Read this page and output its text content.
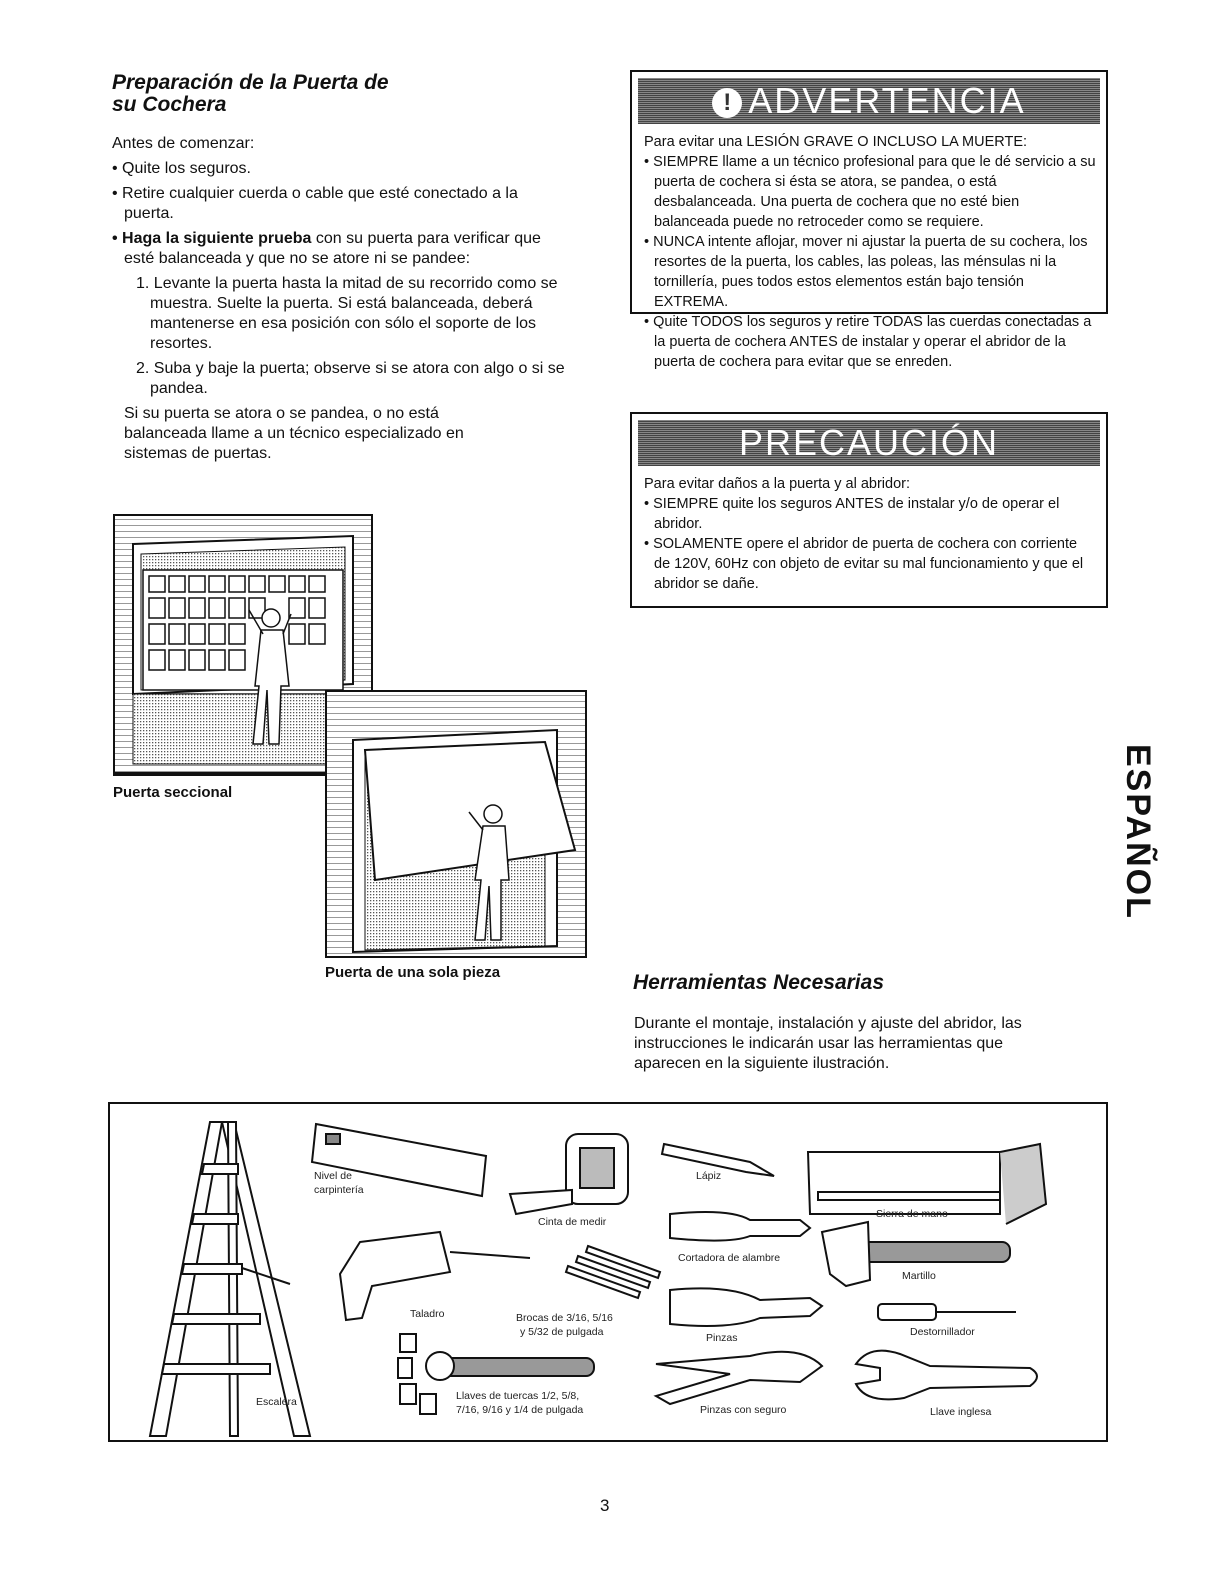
Preparación de la Puerta de
su Cochera

Antes de comenzar:

• Quite los seguros.

• Retire cualquier cuerda o cable que esté conectado a la puerta.

• Haga la siguiente prueba con su puerta para verificar que esté balanceada y que no se atore ni se pandee:

1. Levante la puerta hasta la mitad de su recorrido como se muestra. Suelte la puerta. Si está balanceada, deberá mantenerse en esa posición con sólo el soporte de los resortes.

2. Suba y baje la puerta; observe si se atora con algo o si se pandea.

Si su puerta se atora o se pandea, o no está balanceada llame a un técnico especializado en sistemas de puertas.

Puerta seccional
Puerta de una sola pieza
! ADVERTENCIA

Para evitar una LESIÓN GRAVE O INCLUSO LA MUERTE:

• SIEMPRE llame a un técnico profesional para que le dé servicio a su puerta de cochera si ésta se atora, se pandea, o está desbalanceada. Una puerta de cochera que no esté bien balanceada puede no retroceder como se requiere.

• NUNCA intente aflojar, mover ni ajustar la puerta de su cochera, los resortes de la puerta, los cables, las poleas, las ménsulas ni la tornillería, pues todos estos elementos están bajo tensión EXTREMA.

• Quite TODOS los seguros y retire TODAS las cuerdas conectadas a la puerta de cochera ANTES de instalar y operar el abridor de la puerta de cochera para evitar que se enreden.

PRECAUCIÓN

Para evitar daños a la puerta y al abridor:

• SIEMPRE quite los seguros ANTES de instalar y/o de operar el abridor.

• SOLAMENTE opere el abridor de puerta de cochera con corriente de 120V, 60Hz con objeto de evitar su mal funcionamiento y que el abridor se dañe.

ESPAÑOL
Herramientas Necesarias
Durante el montaje, instalación y ajuste del abridor, las instrucciones le indicarán usar las herramientas que aparecen en la siguiente ilustración.
Nivel de
carpintería
Cinta de medir
Lápiz
Sierra de mano
Cortadora de alambre
Martillo
Taladro	Brocas de 3/16, 5/16
y 5/32 de pulgada	Pinzas	Destornillador
Escalera	Llaves de tuercas 1/2, 5/8,
7/16, 9/16 y 1/4 de pulgada	Pinzas con seguro	Llave inglesa
3
